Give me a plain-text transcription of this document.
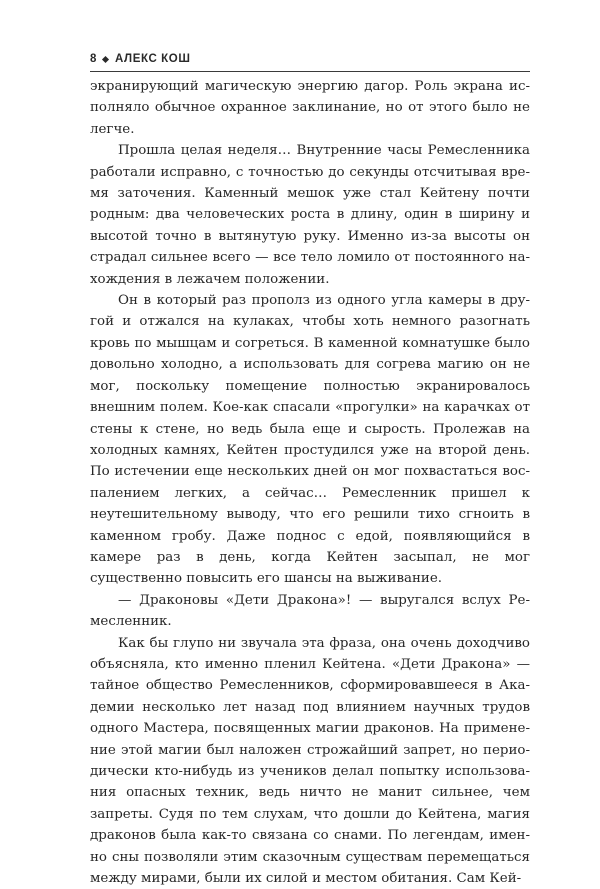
8 АЛЕКС КОШ

экранирующий магическую энергию дагор. Роль экрана исполняло обычное охранное заклинание, но от этого было не легче.

Прошла целая неделя… Внутренние часы Ремесленника работали исправно, с точностью до секунды отсчитывая время заточения. Каменный мешок уже стал Кейтену почти родным: два человеческих роста в длину, один в ширину и высотой точно в вытянутую руку. Именно из-за высоты он страдал сильнее всего — все тело ломило от постоянного нахождения в лежачем положении.

Он в который раз прополз из одного угла камеры в другой и отжался на кулаках, чтобы хоть немного разогнать кровь по мышцам и согреться. В каменной комнатушке было довольно холодно, а использовать для согрева магию он не мог, поскольку помещение полностью экранировалось внешним полем. Кое-как спасали «прогулки» на карачках от стены к стене, но ведь была еще и сырость. Пролежав на холодных камнях, Кейтен простудился уже на второй день. По истечении еще нескольких дней он мог похвастаться воспалением легких, а сейчас… Ремесленник пришел к неутешительному выводу, что его решили тихо сгноить в каменном гробу. Даже поднос с едой, появляющийся в камере раз в день, когда Кейтен засыпал, не мог существенно повысить его шансы на выживание.

— Драконовы «Дети Дракона»! — выругался вслух Ремесленник.

Как бы глупо ни звучала эта фраза, она очень доходчиво объясняла, кто именно пленил Кейтена. «Дети Дракона» — тайное общество Ремесленников, сформировавшееся в Академии несколько лет назад под влиянием научных трудов одного Мастера, посвященных магии драконов. На применение этой магии был наложен строжайший запрет, но периодически кто-нибудь из учеников делал попытку использования опасных техник, ведь ничто не манит сильнее, чем запреты. Судя по тем слухам, что дошли до Кейтена, магия драконов была как-то связана со снами. По легендам, именно сны позволяли этим сказочным существам перемещаться между мирами, были их силой и местом обитания. Сам Кей-
